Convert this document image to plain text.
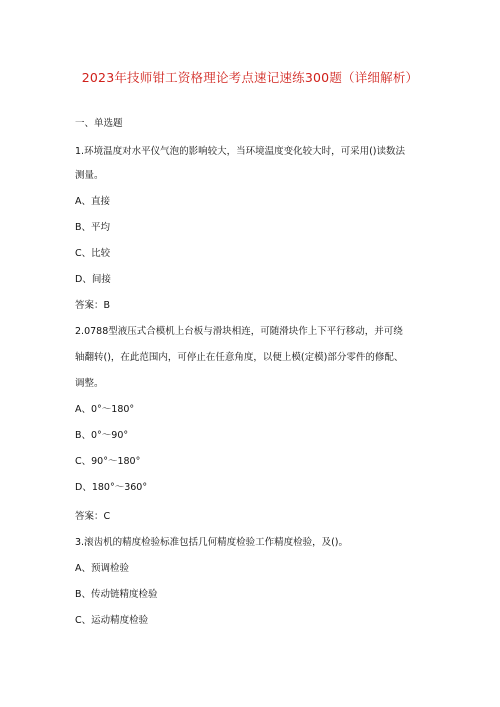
2023年技师钳工资格理论考点速记速练300题（详细解析）
一、单选题
1.环境温度对水平仪气泡的影响较大，当环境温度变化较大时，可采用()读数法
测量。
A、直接
B、平均
C、比较
D、间接
答案：B
2.0788型液压式合模机上台板与滑块相连，可随滑块作上下平行移动，并可绕
轴翻转()，在此范围内，可停止在任意角度，以便上模(定模)部分零件的修配、
调整。
A、0°～180°
B、0°～90°
C、90°～180°
D、180°～360°
答案：C
3.滚齿机的精度检验标准包括几何精度检验工作精度检验，及()。
A、预调检验
B、传动链精度检验
C、运动精度检验
